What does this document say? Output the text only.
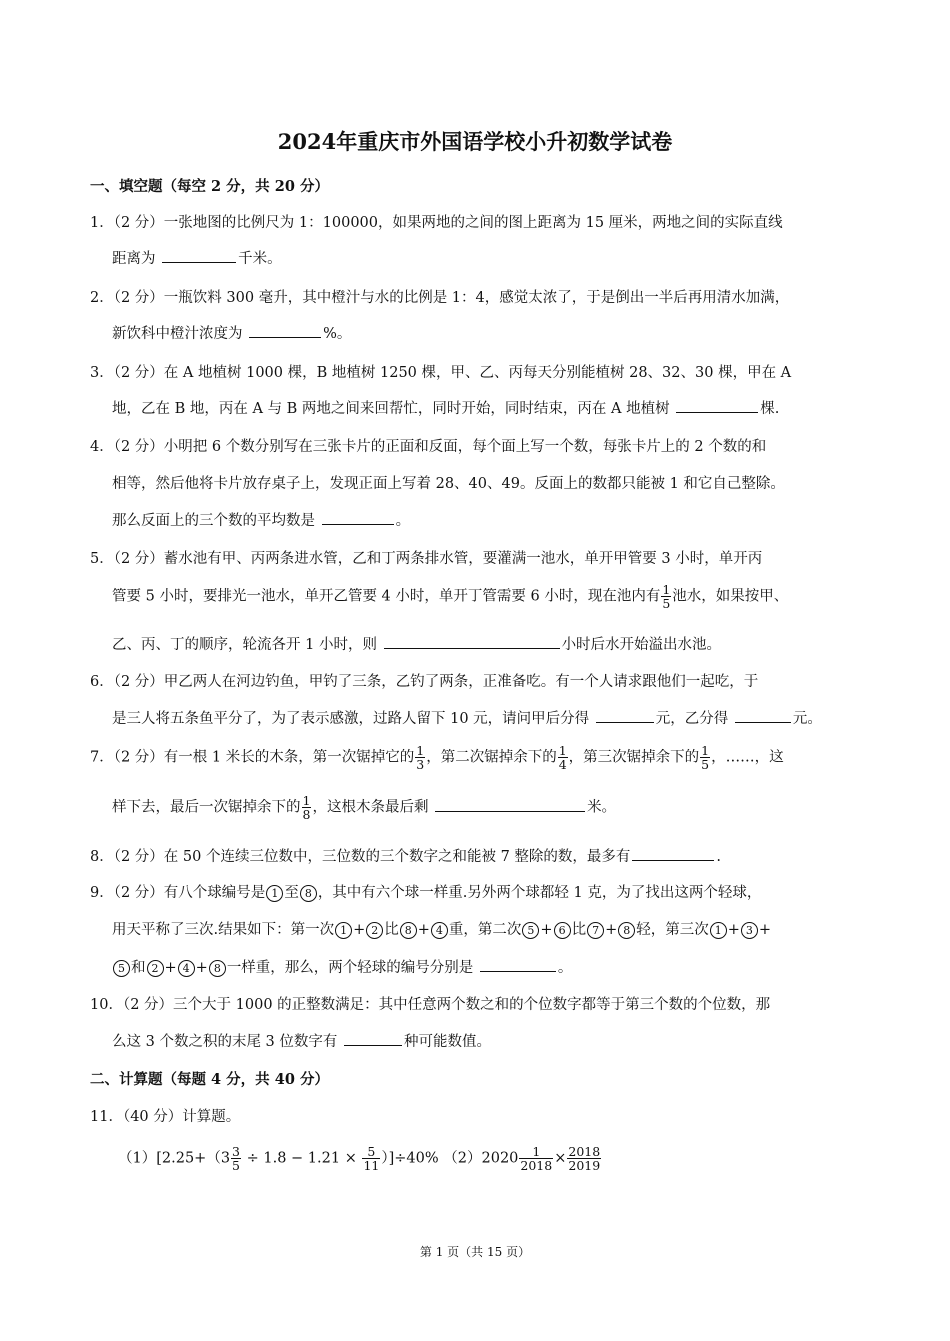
2024年重庆市外国语学校小升初数学试卷
一、填空题（每空 2 分，共 20 分）
1．（2 分）一张地图的比例尺为 1：100000，如果两地的之间的图上距离为 15 厘米，两地之间的实际直线
距离为	千米。
2．（2 分）一瓶饮料 300 毫升，其中橙汁与水的比例是 1：4，感觉太浓了，于是倒出一半后再用清水加满，
新饮科中橙汁浓度为	%。
3．（2 分）在 A 地植树 1000 棵，B 地植树 1250 棵，甲、乙、丙每天分别能植树 28、32、30 棵，甲在 A
地，乙在 B 地，丙在 A 与 B 两地之间来回帮忙，同时开始，同时结束，丙在 A 地植树	棵.
4．（2 分）小明把 6 个数分别写在三张卡片的正面和反面，每个面上写一个数，每张卡片上的 2 个数的和
相等，然后他将卡片放存桌子上，发现正面上写着 28、40、49。反面上的数都只能被 1 和它自己整除。
那么反面上的三个数的平均数是	。
5．（2 分）蓄水池有甲、丙两条进水管，乙和丁两条排水管，要灌满一池水，单开甲管要 3 小时，单开丙
管要 5 小时，要排光一池水，单开乙管要 4 小时，单开丁管需要 6 小时，现在池内有 $\frac{1}{5}$ 池水，如果按甲、
乙、丙、丁的顺序，轮流各开 1 小时，则	小时后水开始溢出水池。
6．（2 分）甲乙两人在河边钓鱼，甲钓了三条，乙钓了两条，正准备吃。有一个人请求跟他们一起吃，于
是三人将五条鱼平分了，为了表示感激，过路人留下 10 元，请问甲后分得	元，乙分得	元。
7．（2 分）有一根 1 米长的木条，第一次锯掉它的 $\frac{1}{3}$ ，第二次锯掉余下的 $\frac{1}{4}$ ，第三次锯掉余下的 $\frac{1}{5}$ ，……，这
样下去，最后一次锯掉余下的 $\frac{1}{8}$ ，这根木条最后剩	米。
8．（2 分）在 50 个连续三位数中，三位数的三个数字之和能被 7 整除的数，最多有	.
9．（2 分）有八个球编号是 1 至 8 ，其中有六个球一样重.另外两个球都轻 1 克，为了找出这两个轻球，
用天平称了三次.结果如下：第一次 1 + 2 比 8 + 4 重，第二次 5 + 6 比 7 + 8 轻，第三次 1 + 3 +
5 和 2 + 4 + 8 一样重，那么，两个轻球的编号分别是	。
10．（2 分）三个大于 1000 的正整数满足：其中任意两个数之和的个位数字都等于第三个数的个位数，那
么这 3 个数之积的末尾 3 位数字有	种可能数值。
二、计算题（每题 4 分，共 40 分）
11．（40 分）计算题。
$(1)[2.25+(3 \frac{3}{5} \div 1.8 - 1.21 \times \frac{5}{11} )]\div 40\%$ $(2)2020 \frac{1}{2018} \times \frac{2018}{2019}$
第 1 页（共 15 页）
